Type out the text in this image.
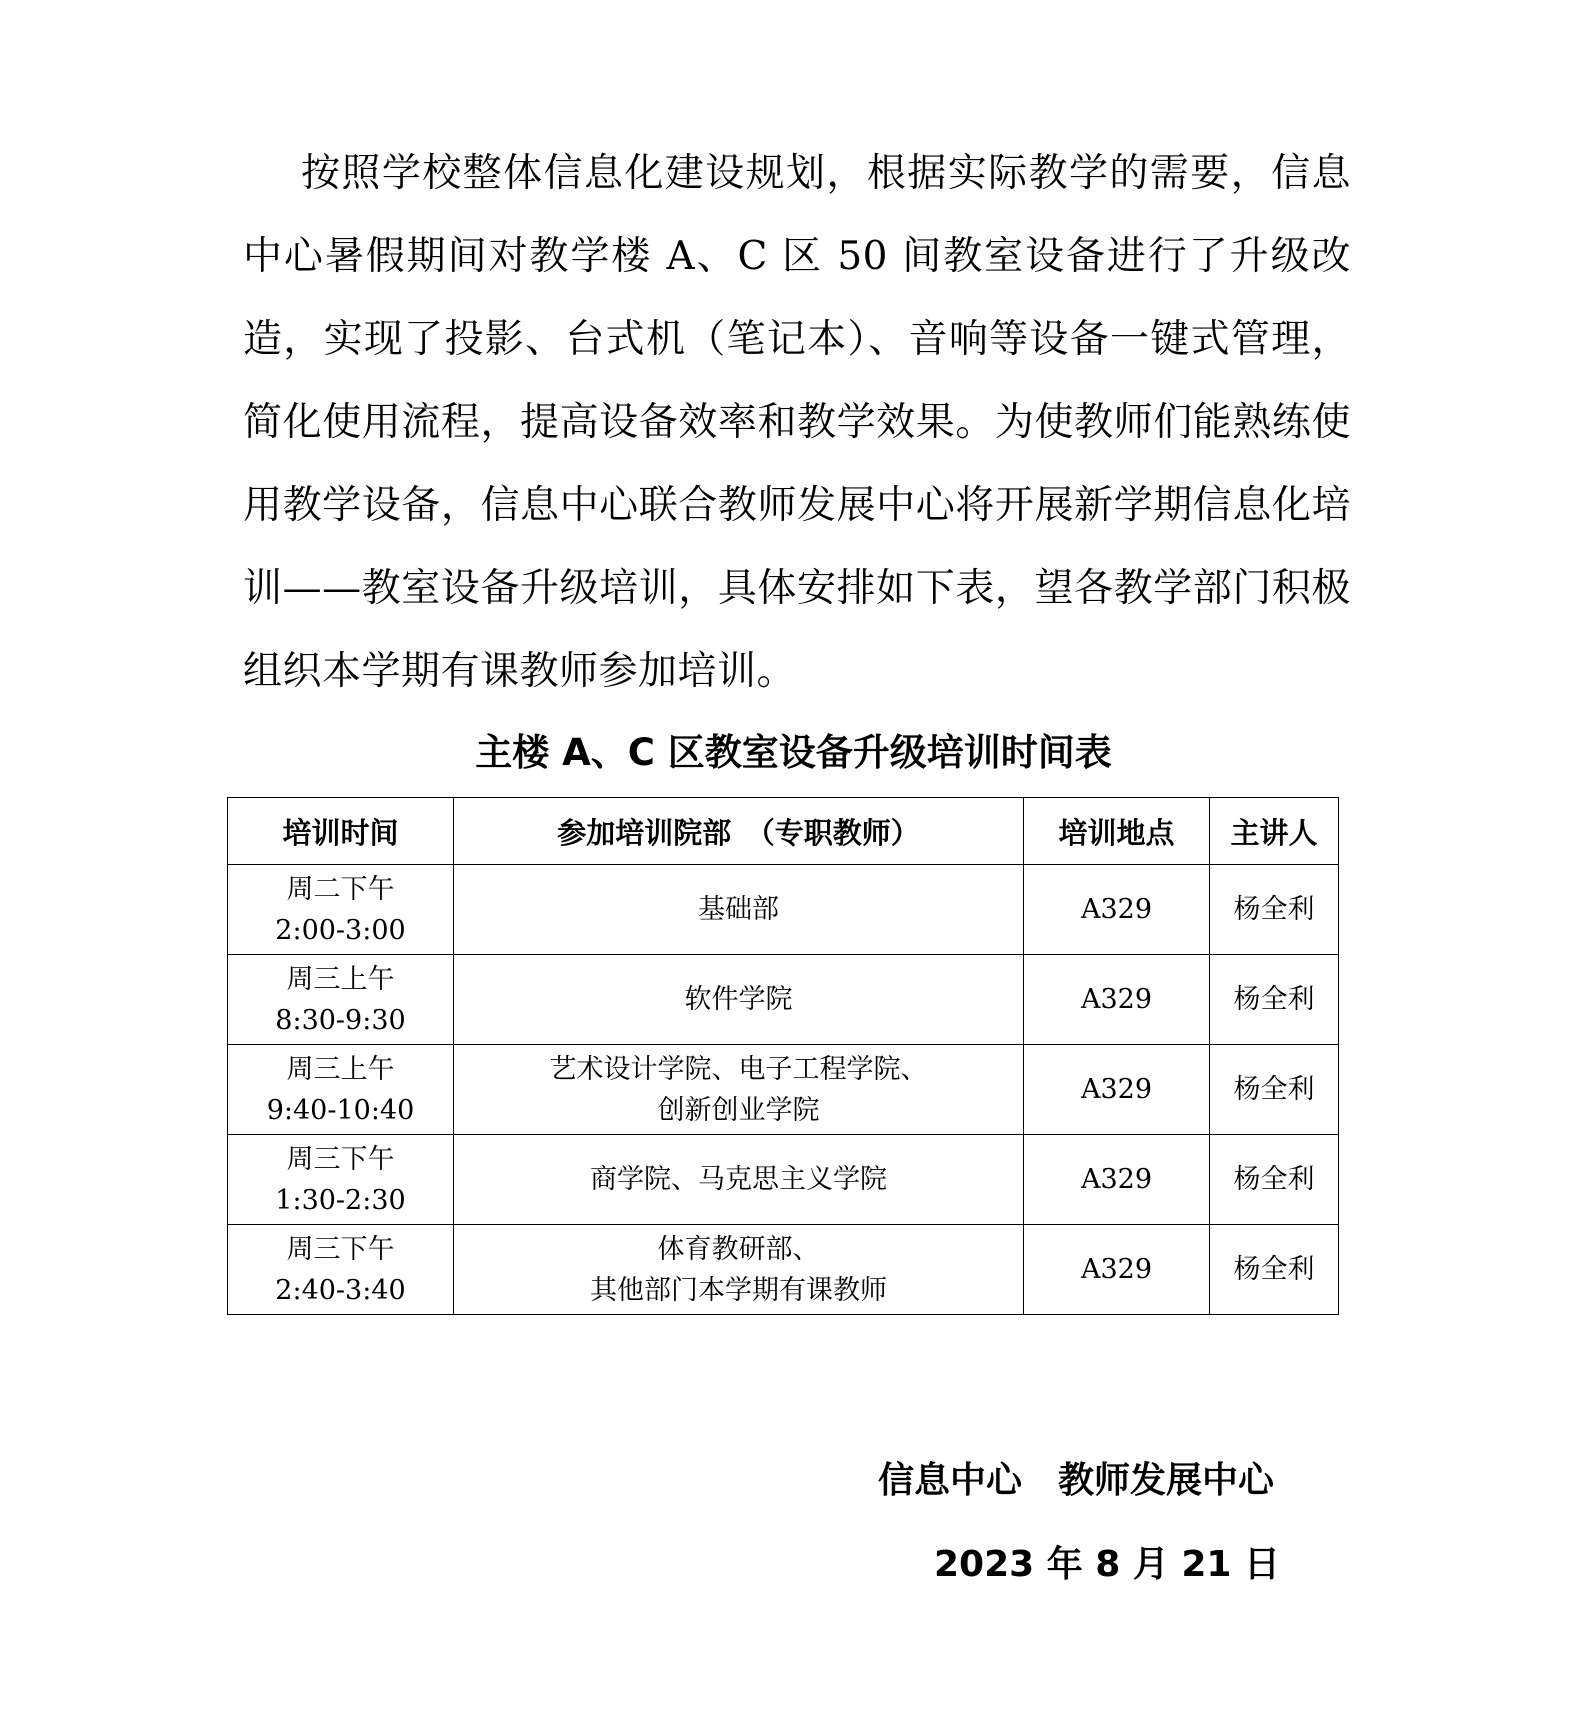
按照学校整体信息化建设规划，根据实际教学的需要，信息中心暑假期间对教学楼 A、C 区 50 间教室设备进行了升级改造，实现了投影、台式机（笔记本）、音响等设备一键式管理，简化使用流程，提高设备效率和教学效果。为使教师们能熟练使用教学设备，信息中心联合教师发展中心将开展新学期信息化培训——教室设备升级培训，具体安排如下表，望各教学部门积极组织本学期有课教师参加培训。

主楼 A、C 区教室设备升级培训时间表

培训时间	参加培训院部　（专职教师）	培训地点	主讲人

周二下午
2:00-3:00	基础部	A329	杨全利

周三上午
8:30-9:30	软件学院	A329	杨全利

周三上午
9:40-10:40	艺术设计学院、电子工程学院、
创新创业学院	A329	杨全利

周三下午
1:30-2:30	商学院、马克思主义学院	A329	杨全利

周三下午
2:40-3:40	体育教研部、
其他部门本学期有课教师	A329	杨全利

信息中心　教师发展中心

2023 年 8 月 21 日
